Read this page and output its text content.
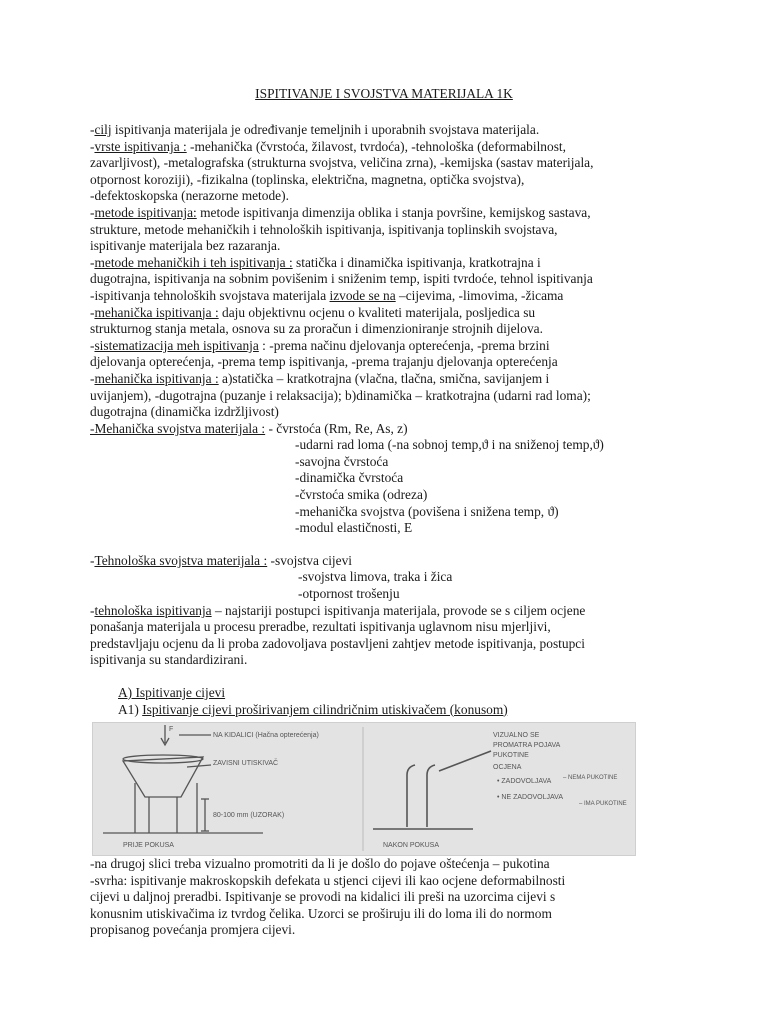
ISPITIVANJE I SVOJSTVA MATERIJALA 1K

-cilj ispitivanja materijala je određivanje temeljnih i uporabnih svojstava materijala.

-vrste ispitivanja : -mehanička (čvrstoća, žilavost, tvrdoća), -tehnološka (deformabilnost,
zavarljivost), -metalografska (strukturna svojstva, veličina zrna), -kemijska (sastav materijala,
otpornost koroziji), -fizikalna (toplinska, električna, magnetna, optička svojstva),
-defektoskopska (nerazorne metode).

-metode ispitivanja: metode ispitivanja dimenzija oblika i stanja površine, kemijskog sastava,
strukture, metode mehaničkih i tehnoloških ispitivanja, ispitivanja toplinskih svojstava,
ispitivanje materijala bez razaranja.

-metode mehaničkih i teh ispitivanja : statička i dinamička ispitivanja, kratkotrajna i
dugotrajna, ispitivanja na sobnim povišenim i sniženim temp, ispiti tvrdoće, tehnol ispitivanja

-ispitivanja tehnoloških svojstava materijala izvode se na –cijevima, -limovima, -žicama

-mehanička ispitivanja : daju objektivnu ocjenu o kvaliteti materijala, posljedica su
strukturnog stanja metala, osnova su za proračun i dimenzioniranje strojnih dijelova.

-sistematizacija meh ispitivanja : -prema načinu djelovanja opterećenja, -prema brzini
djelovanja opterećenja, -prema temp ispitivanja, -prema trajanju djelovanja opterećenja

-mehanička ispitivanja : a)statička – kratkotrajna (vlačna, tlačna, smična, savijanjem i
uvijanjem), -dugotrajna (puzanje i relaksacija); b)dinamička – kratkotrajna (udarni rad loma);
dugotrajna (dinamička izdržljivost)

-Mehanička svojstva materijala : - čvrstoća (Rm, Re, As, z)

-udarni rad loma (-na sobnoj temp,ϑ i na sniženoj temp,ϑ)
-savojna čvrstoća
-dinamička čvrstoća
-čvrstoća smika (odreza)
-mehanička svojstva (povišena i snižena temp, ϑ)
-modul elastičnosti, E

-Tehnološka svojstva materijala : -svojstva cijevi

-svojstva limova, traka i žica
-otpornost trošenju

-tehnološka ispitivanja – najstariji postupci ispitivanja materijala, provode se s ciljem ocjene
ponašanja materijala u procesu preradbe, rezultati ispitivanja uglavnom nisu mjerljivi,
predstavljaju ocjenu da li proba zadovoljava postavljeni zahtjev metode ispitivanja, postupci
ispitivanja su standardizirani.

A) Ispitivanje cijevi
A1) Ispitivanje cijevi proširivanjem cilindričnim utiskivačem (konusom)
F
NA KIDALICI (Hačna opterećenja)
ZAVISNI UTISKIVAČ
80-100 mm (UZORAK)
PRIJE POKUSA	NAKON POKUSA
VIZUALNO SE
PROMATRA POJAVA
PUKOTINE
OCJENA
• ZADOVOLJAVA – NEMA PUKOTINE
• NE ZADOVOLJAVA
– IMA PUKOTINE
-na drugoj slici treba vizualno promotriti da li je došlo do pojave oštećenja – pukotina
-svrha: ispitivanje makroskopskih defekata u stjenci cijevi ili kao ocjene deformabilnosti
cijevi u daljnoj preradbi. Ispitivanje se provodi na kidalici ili preši na uzorcima cijevi s
konusnim utiskivačima iz tvrdog čelika. Uzorci se proširuju ili do loma ili do normom
propisanog povećanja promjera cijevi.
